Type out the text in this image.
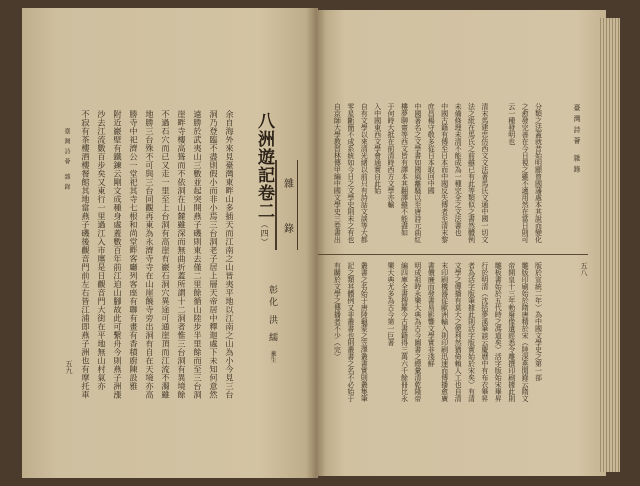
雜
錄
八洲遊記卷二（四）
彰化 洪 繻 棄生
余自海外來見臺灣東畔山多插天而江南之山皆夷平地以江南之山為小今見三台
洞乃登臨不盡則假小而非小焉三台洞老子居上層天帝居中釋迦處下未知何意然
遠勝於武夷山三數並起突開燕子磯則東去僅二里餘循山陸步半里餘而至三台洞
崖畔寺樓高聳而不依洞在山麓雖深而無曲折蓋所謂十二洞者惟三台洞有異境餘
不過石穴而已又走一里至上台洞有高崖有巖石洞穴異途可通崖頂而江流不濁雖
地勝三台殊不可與三台同觀再東為永濟寺寺在山崖饒寺旁出洞有自在天境亦高
勝寺中祀濟公一堂祀其寺七根和尚堂畔客廳列客座有聯有畫有香積廚陳設雅
附近巖壁有鐵鍊云剛文成種身處蓋數百年前江迫山腳故此可繫舟今則燕子洲漲
沙去江流數百步矣又東行一里過江入市廛是日觀音門大街在平地無山村氣亦
不寂有茶樓酒樓餐館其地當燕子磯後觀音門前左右皆江浦即燕子洲也有摩托車
臺灣詩薈 雜錄
五九
臺灣詩薈 雜錄
分類之法蓋就昔始明顯曾國藩處本其說而變化
之愈發完善在今日視之雖不適用然在當日則可
云一種發明也

清末馬建忠仿西文文法著馬氏文通中國一切文
法之紕在馬氏之前雖已有此等類似之書然體例
未備條理未清不能成為一種完全之文法書也
中國古籍有傳至日本而中國反失傳者至清末黎
庶昌楊守敬多從日本取回中國
中國著名之文學書如國風離騷以至唐詩元曲紅
樓夢聊齋等西文皆有譯本其翻譯雖不能盡如
于何時大抵在前清時西方文學亦輸
入中國東西文學會通實自此始
自有文學以來清光緒以前只有詩話文談等大都
零星斷簡不成系統如今日之文學史則未之有也
自京師大學教習林傳甲編中國文學史三卷書出
五八
版於宣統二年）為中國文學史之第一部
雕版印刷始於隋唐精於宋（陸深燕閒錄云隋文
帝開皇十三年勅廢像遺經悉令雕撰印刷據此則
雕板書始於五代時之馮道矣）活字版始宋畢昇
行於明清（沈括夢溪筆談云慶曆中有布衣畢昇
者為活字版筆據此則活字版實始於宋矣）有清
文學之傳播有莫大之便利然猶倚賴人工也自清
末印刷機器從歐洲輸入則印刷迅速而傳播愈廣
書價廉而發書易影響文學實非淺鮮
明成祖時永樂大典為古今圖書之總彙清乾隆帝
編四庫全書搜羅今古書籍得三萬六千餘冊比永
樂大典尤多為古今第一巨著

叢書之名始于唐陸龜蒙之笠澤叢書實則叢集筆
記之類其體例又非叢書也則叢書之名不必始于
有關於文學之傳播者不少（完）
